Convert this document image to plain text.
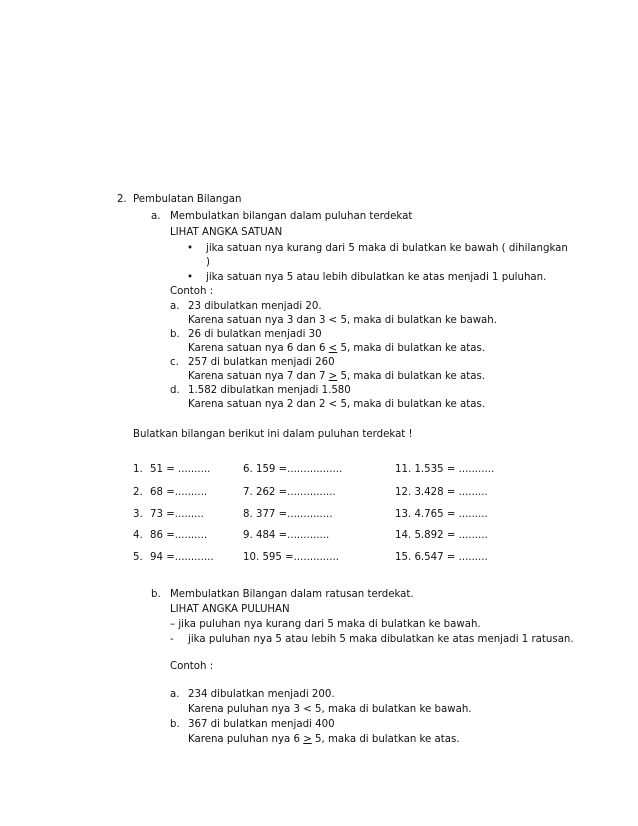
2. Pembulatan Bilangan
a. Membulatkan bilangan dalam puluhan terdekat
LIHAT ANGKA SATUAN
• jika satuan nya kurang dari 5 maka di bulatkan ke bawah ( dihilangkan
)
• jika satuan nya 5 atau lebih dibulatkan ke atas menjadi 1 puluhan.
Contoh :
a. 23 dibulatkan menjadi 20.
Karena satuan nya 3 dan 3 < 5, maka di bulatkan ke bawah.
b. 26 di bulatkan menjadi 30
Karena satuan nya 6 dan 6 < 5, maka di bulatkan ke atas.
c. 257 di bulatkan menjadi 260
Karena satuan nya 7 dan 7 > 5, maka di bulatkan ke atas.
d. 1.582 dibulatkan menjadi 1.580
Karena satuan nya 2 dan 2 < 5, maka di bulatkan ke atas.
Bulatkan bilangan berikut ini dalam puluhan terdekat !
1. 51 = ..........	6. 159 =.................	11. 1.535 = ...........
2. 68 =..........	7. 262 =...............	12. 3.428 = .........
3. 73 =.........	8. 377 =..............	13. 4.765 = .........
4. 86 =..........	9. 484 =.............	14. 5.892 = .........
5. 94 =............	10. 595 =..............	15. 6.547 = .........
b. Membulatkan Bilangan dalam ratusan terdekat.
LIHAT ANGKA PULUHAN
– jika puluhan nya kurang dari 5 maka di bulatkan ke bawah.
- jika puluhan nya 5 atau lebih 5 maka dibulatkan ke atas menjadi 1 ratusan.
Contoh :
a. 234 dibulatkan menjadi 200.
Karena puluhan nya 3 < 5, maka di bulatkan ke bawah.
b. 367 di bulatkan menjadi 400
Karena puluhan nya 6 > 5, maka di bulatkan ke atas.
